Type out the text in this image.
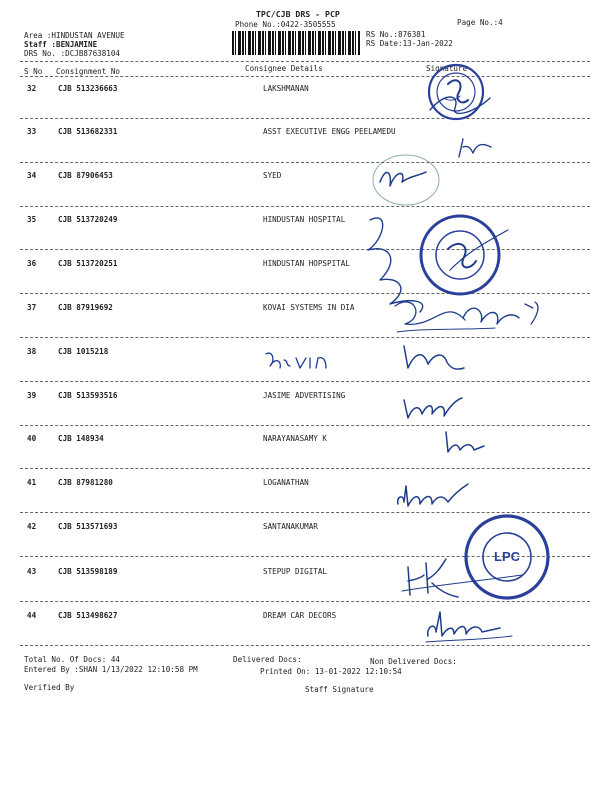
TPC/CJB DRS - PCP
Phone No.:0422-3505555	Page No.:4
Area :HINDUSTAN AVENUE
Staff :BENJAMINE
DRS No. :DCJB87638104
RS No.:876381
RS Date:13-Jan-2022
S No Consignment No	Consignee Details	Signature
32	CJB 513236663	LAKSHMANAN
33	CJB 513682331	ASST EXECUTIVE ENGG PEELAMEDU
34	CJB 87906453	SYED
35	CJB 513720249	HINDUSTAN HOSPITAL
36	CJB 513720251	HINDUSTAN HOPSPITAL
37	CJB 87919692	KOVAI SYSTEMS IN DIA
38	CJB 1015218
39	CJB 513593516	JASIME ADVERTISING
40	CJB 148934	NARAYANASAMY K
41	CJB 87981280	LOGANATHAN
42	CJB 513571693	SANTANAKUMAR
43	CJB 513598189	STEPUP DIGITAL
44	CJB 513498627	DREAM CAR DECORS
Total No. Of Docs: 44	Delivered Docs:	Non Delivered Docs:
Entered By :SHAN 1/13/2022 12:10:58 PM	Printed On: 13-01-2022 12:10:54
Verified By	Staff Signature
LPC
